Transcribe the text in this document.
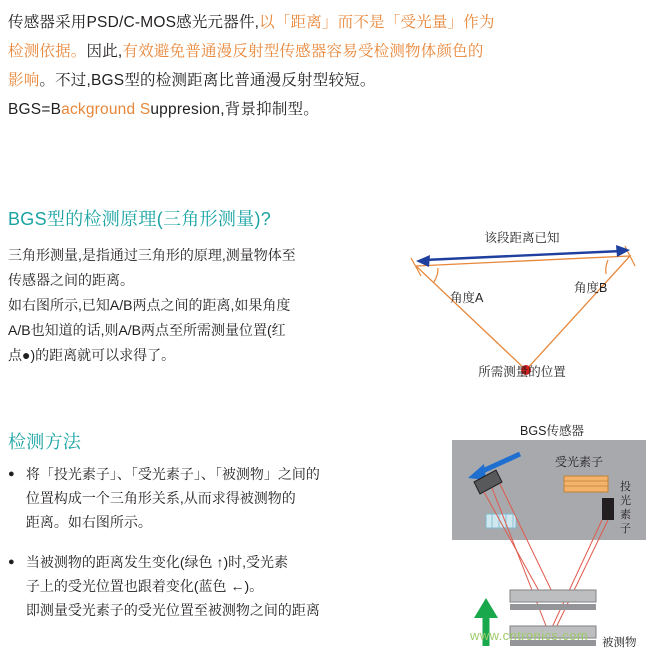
传感器采用PSD/C-MOS感光元器件,以「距离」而不是「受光量」作为
检测依据。因此,有效避免普通漫反射型传感器容易受检测物体颜色的
影响。不过,BGS型的检测距离比普通漫反射型较短。
BGS=Background Suppresion,背景抑制型。
BGS型的检测原理(三角形测量)?
三角形测量,是指通过三角形的原理,测量物体至
传感器之间的距离。
如右图所示,已知A/B两点之间的距离,如果角度
A/B也知道的话,则A/B两点至所需测量位置(红
点●)的距离就可以求得了。
该段距离已知
角度A
角度B
所需测量的位置
检测方法
● 将「投光素子」、「受光素子」、「被测物」之间的 位置构成一个三角形关系,从而求得被测物的 距离。如右图所示。
● 当被测物的距离发生变化(绿色 ↑)时,受光素 子上的受光位置也跟着变化(蓝色 ←)。 即测量受光素子的受光位置至被测物之间的距离
BGS传感器
受光素子
投
光
素
子
被测物
www.cntronics.com
